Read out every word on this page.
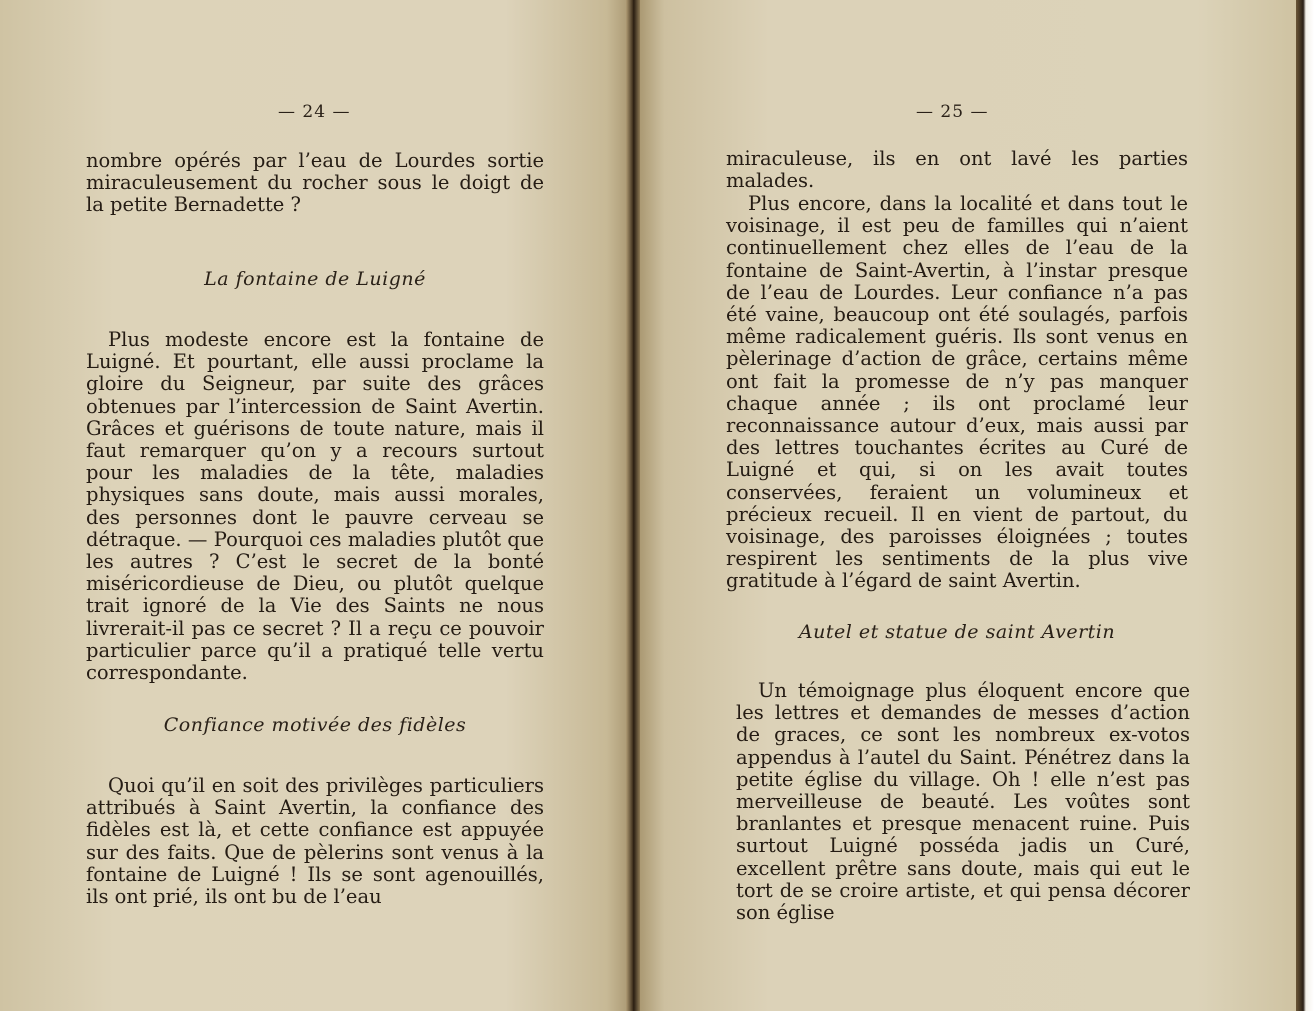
— 24 —

nombre opérés par l’eau de Lourdes sortie miraculeusement du rocher sous le doigt de la petite Bernadette ?

La fontaine de Luigné

Plus modeste encore est la fontaine de Luigné. Et pourtant, elle aussi proclame la gloire du Seigneur, par suite des grâces obtenues par l’intercession de Saint Avertin. Grâces et guérisons de toute nature, mais il faut remarquer qu’on y a recours surtout pour les maladies de la tête, maladies physiques sans doute, mais aussi morales, des personnes dont le pauvre cerveau se détraque. — Pourquoi ces maladies plutôt que les autres ? C’est le secret de la bonté miséricordieuse de Dieu, ou plutôt quelque trait ignoré de la Vie des Saints ne nous livrerait-il pas ce secret ? Il a reçu ce pouvoir particulier parce qu’il a pratiqué telle vertu correspondante.

Confiance motivée des fidèles

Quoi qu’il en soit des privilèges particuliers attribués à Saint Avertin, la confiance des fidèles est là, et cette confiance est appuyée sur des faits. Que de pèlerins sont venus à la fontaine de Luigné ! Ils se sont agenouillés, ils ont prié, ils ont bu de l’eau

— 25 —

miraculeuse, ils en ont lavé les parties malades.

Plus encore, dans la localité et dans tout le voisinage, il est peu de familles qui n’aient continuellement chez elles de l’eau de la fontaine de Saint-Avertin, à l’instar presque de l’eau de Lourdes. Leur confiance n’a pas été vaine, beaucoup ont été soulagés, parfois même radicalement guéris. Ils sont venus en pèlerinage d’action de grâce, certains même ont fait la promesse de n’y pas manquer chaque année ; ils ont proclamé leur reconnaissance autour d’eux, mais aussi par des lettres touchantes écrites au Curé de Luigné et qui, si on les avait toutes conservées, feraient un volumineux et précieux recueil. Il en vient de partout, du voisinage, des paroisses éloignées ; toutes respirent les sentiments de la plus vive gratitude à l’égard de saint Avertin.

Autel et statue de saint Avertin

Un témoignage plus éloquent encore que les lettres et demandes de messes d’action de graces, ce sont les nombreux ex-votos appendus à l’autel du Saint. Pénétrez dans la petite église du village. Oh ! elle n’est pas merveilleuse de beauté. Les voûtes sont branlantes et presque menacent ruine. Puis surtout Luigné posséda jadis un Curé, excellent prêtre sans doute, mais qui eut le tort de se croire artiste, et qui pensa décorer son église
